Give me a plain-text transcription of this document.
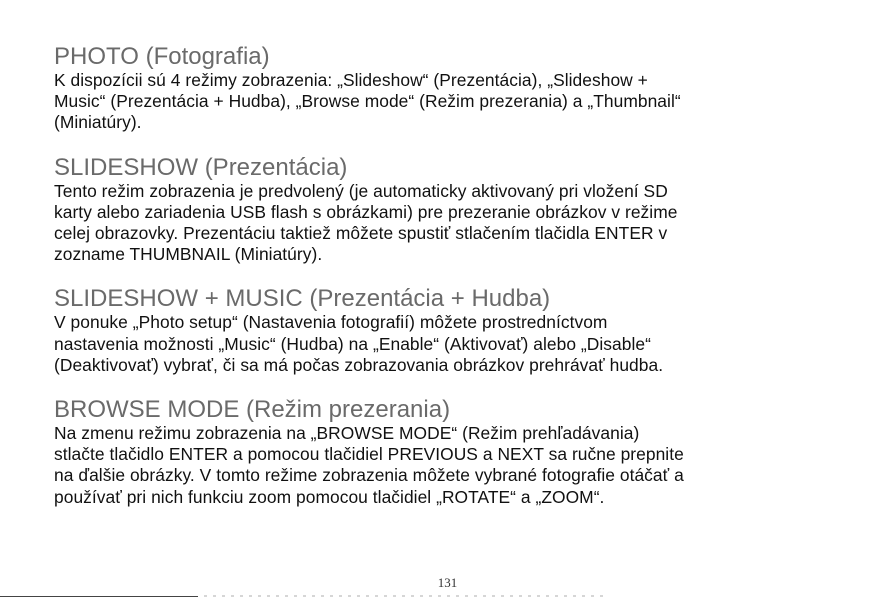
PHOTO (Fotografia)

K dispozícii sú 4 režimy zobrazenia: „Slideshow“ (Prezentácia), „Slideshow +
Music“ (Prezentácia + Hudba), „Browse mode“ (Režim prezerania) a „Thumbnail“
(Miniatúry).

SLIDESHOW (Prezentácia)

Tento režim zobrazenia je predvolený (je automaticky aktivovaný pri vložení SD
karty alebo zariadenia USB flash s obrázkami) pre prezeranie obrázkov v režime
celej obrazovky. Prezentáciu taktiež môžete spustiť stlačením tlačidla ENTER v
zozname THUMBNAIL (Miniatúry).

SLIDESHOW + MUSIC (Prezentácia + Hudba)

V ponuke „Photo setup“ (Nastavenia fotografií) môžete prostredníctvom
nastavenia možnosti „Music“ (Hudba) na „Enable“ (Aktivovať) alebo „Disable“
(Deaktivovať) vybrať, či sa má počas zobrazovania obrázkov prehrávať hudba.

BROWSE MODE (Režim prezerania)

Na zmenu režimu zobrazenia na „BROWSE MODE“ (Režim prehľadávania)
stlačte tlačidlo ENTER a pomocou tlačidiel PREVIOUS a NEXT sa ručne prepnite
na ďalšie obrázky. V tomto režime zobrazenia môžete vybrané fotografie otáčať a
používať pri nich funkciu zoom pomocou tlačidiel „ROTATE“ a „ZOOM“.

131
